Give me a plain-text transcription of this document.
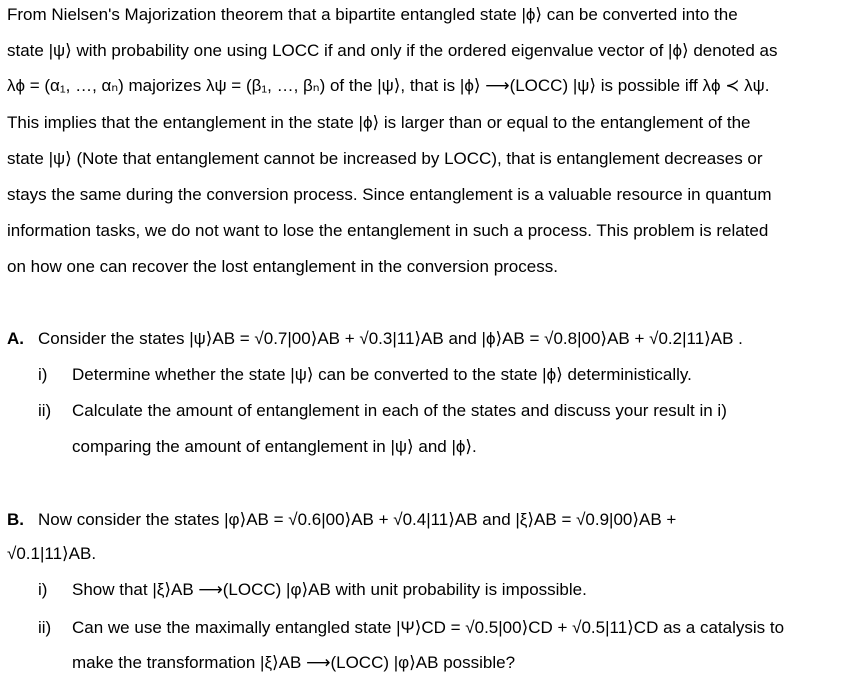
From Nielsen's Majorization theorem that a bipartite entangled state |ϕ⟩ can be converted into the
state |ψ⟩ with probability one using LOCC if and only if the ordered eigenvalue vector of |ϕ⟩ denoted as
λϕ = (α₁, …, αₙ) majorizes λψ = (β₁, …, βₙ) of the |ψ⟩, that is |ϕ⟩ ⟶(LOCC) |ψ⟩ is possible iff λϕ ≺ λψ.
This implies that the entanglement in the state |ϕ⟩ is larger than or equal to the entanglement of the
state |ψ⟩ (Note that entanglement cannot be increased by LOCC), that is entanglement decreases or
stays the same during the conversion process. Since entanglement is a valuable resource in quantum
information tasks, we do not want to lose the entanglement in such a process. This problem is related
on how one can recover the lost entanglement in the conversion process.
A. Consider the states |ψ⟩AB = √0.7|00⟩AB + √0.3|11⟩AB and |ϕ⟩AB = √0.8|00⟩AB + √0.2|11⟩AB .
i) Determine whether the state |ψ⟩ can be converted to the state |ϕ⟩ deterministically.
ii) Calculate the amount of entanglement in each of the states and discuss your result in i)
comparing the amount of entanglement in |ψ⟩ and |ϕ⟩.
B. Now consider the states |φ⟩AB = √0.6|00⟩AB + √0.4|11⟩AB and |ξ⟩AB = √0.9|00⟩AB +
√0.1|11⟩AB.
i) Show that |ξ⟩AB ⟶(LOCC) |φ⟩AB with unit probability is impossible.
ii) Can we use the maximally entangled state |Ψ⟩CD = √0.5|00⟩CD + √0.5|11⟩CD as a catalysis to
make the transformation |ξ⟩AB ⟶(LOCC) |φ⟩AB possible?
